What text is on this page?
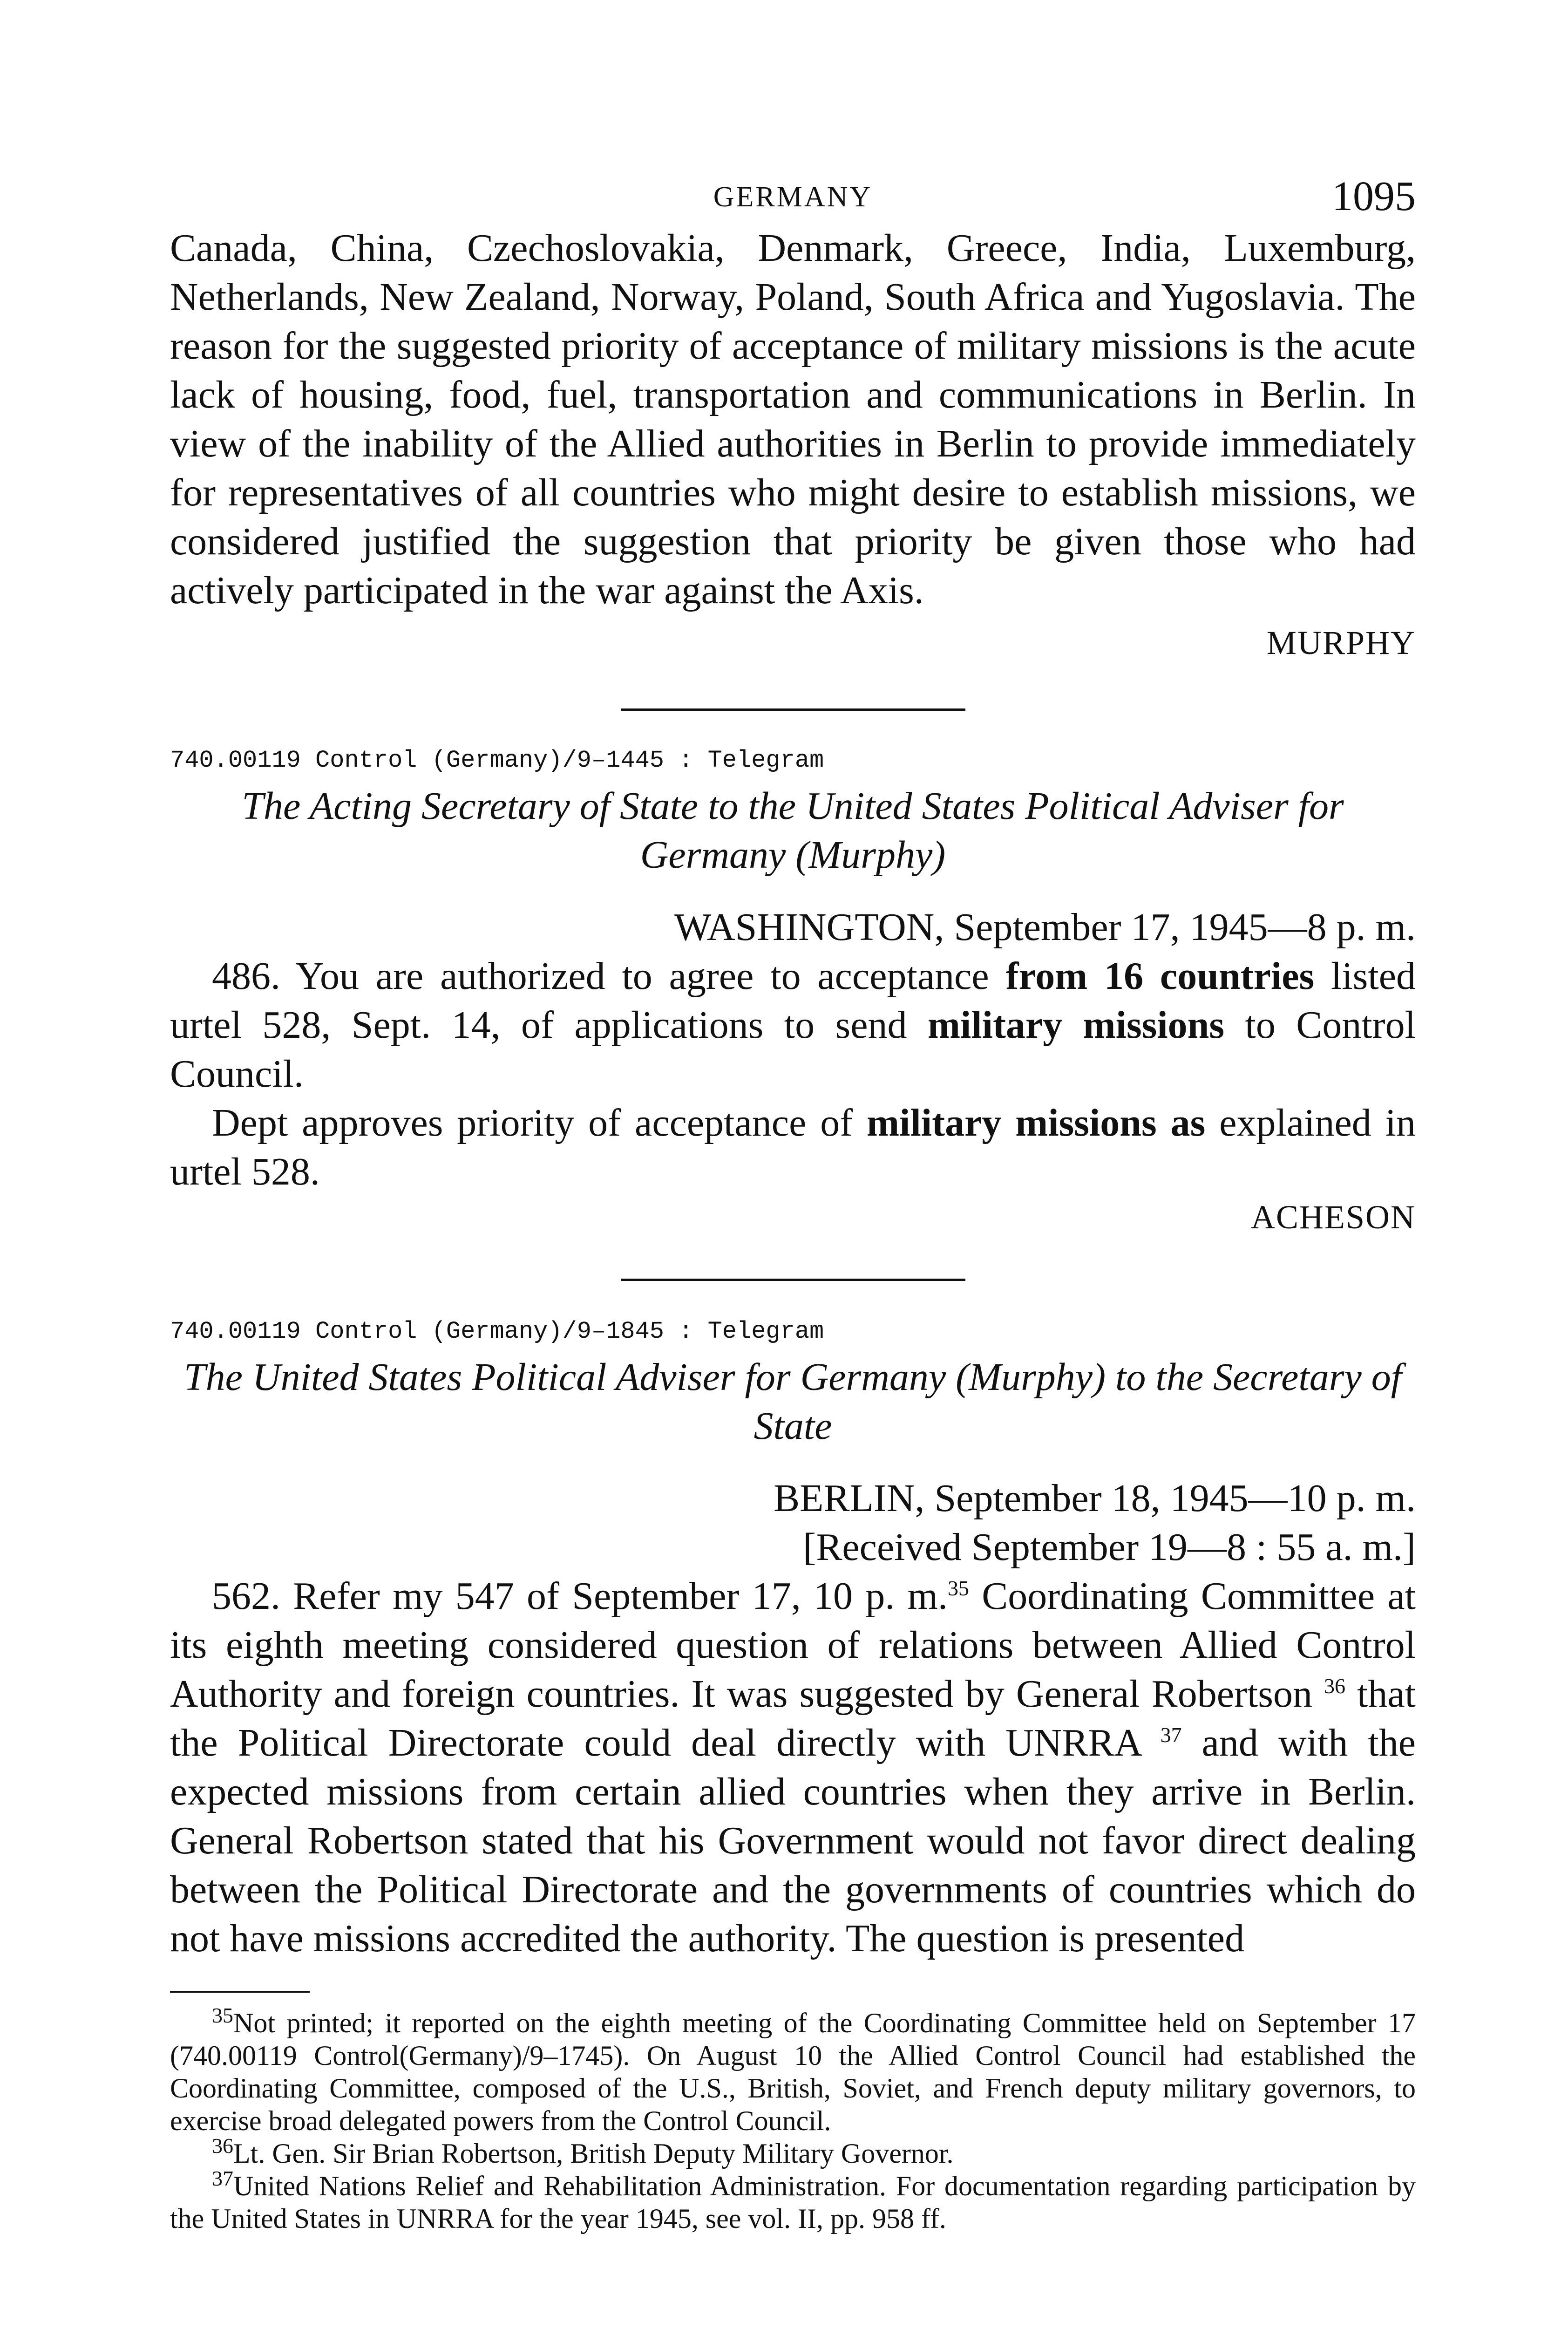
GERMANY	1095

Canada, China, Czechoslovakia, Denmark, Greece, India, Luxemburg, Netherlands, New Zealand, Norway, Poland, South Africa and Yugoslavia. The reason for the suggested priority of acceptance of military missions is the acute lack of housing, food, fuel, transportation and communications in Berlin. In view of the inability of the Allied authorities in Berlin to provide immediately for representatives of all countries who might desire to establish missions, we considered justified the suggestion that priority be given those who had actively participated in the war against the Axis.

MURPHY

740.00119 Control (Germany)/9–1445 : Telegram
The Acting Secretary of State to the United States Political Adviser for Germany (Murphy)
WASHINGTON, September 17, 1945—8 p. m.

486. You are authorized to agree to acceptance from 16 countries listed urtel 528, Sept. 14, of applications to send military missions to Control Council.

Dept approves priority of acceptance of military missions as explained in urtel 528.

ACHESON

740.00119 Control (Germany)/9–1845 : Telegram
The United States Political Adviser for Germany (Murphy) to the Secretary of State
BERLIN, September 18, 1945—10 p. m.
[Received September 19—8 : 55 a. m.]

562. Refer my 547 of September 17, 10 p. m.$^{35}$ Coordinating Committee at its eighth meeting considered question of relations between Allied Control Authority and foreign countries. It was suggested by General Robertson $^{36}$ that the Political Directorate could deal directly with UNRRA $^{37}$ and with the expected missions from certain allied countries when they arrive in Berlin. General Robertson stated that his Government would not favor direct dealing between the Political Directorate and the governments of countries which do not have missions accredited the authority. The question is presented

$^{35}$Not printed; it reported on the eighth meeting of the Coordinating Committee held on September 17 (740.00119 Control(Germany)/9–1745). On August 10 the Allied Control Council had established the Coordinating Committee, composed of the U.S., British, Soviet, and French deputy military governors, to exercise broad delegated powers from the Control Council.

$^{36}$Lt. Gen. Sir Brian Robertson, British Deputy Military Governor.

$^{37}$United Nations Relief and Rehabilitation Administration. For documentation regarding participation by the United States in UNRRA for the year 1945, see vol. II, pp. 958 ff.
